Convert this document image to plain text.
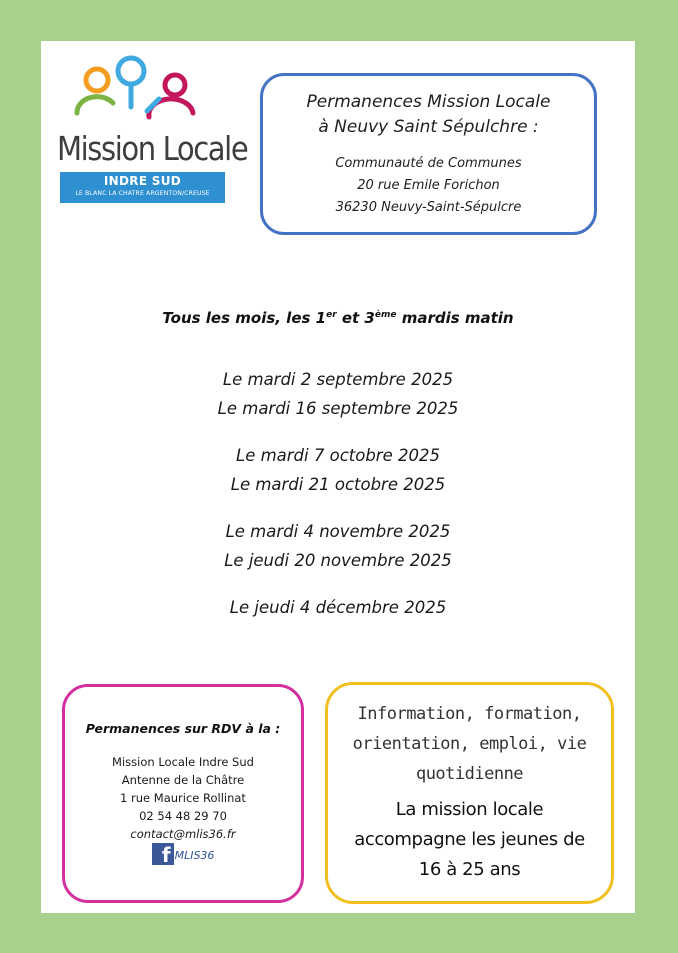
Mission Locale
INDRE SUD
LE BLANC LA CHATRE ARGENTON/CREUSE
Permanences Mission Locale
à Neuvy Saint Sépulchre :
Communauté de Communes
20 rue Emile Forichon
36230 Neuvy-Saint-Sépulcre
Tous les mois, les 1er et 3ème mardis matin
Le mardi 2 septembre 2025
Le mardi 16 septembre 2025
Le mardi 7 octobre 2025
Le mardi 21 octobre 2025
Le mardi 4 novembre 2025
Le jeudi 20 novembre 2025
Le jeudi 4 décembre 2025
Permanences sur RDV à la :
Mission Locale Indre Sud
Antenne de la Châtre
1 rue Maurice Rollinat
02 54 48 29 70
contact@mlis36.fr
f MLIS36
Information, formation,
orientation, emploi, vie
quotidienne
La mission locale
accompagne les jeunes de
16 à 25 ans
